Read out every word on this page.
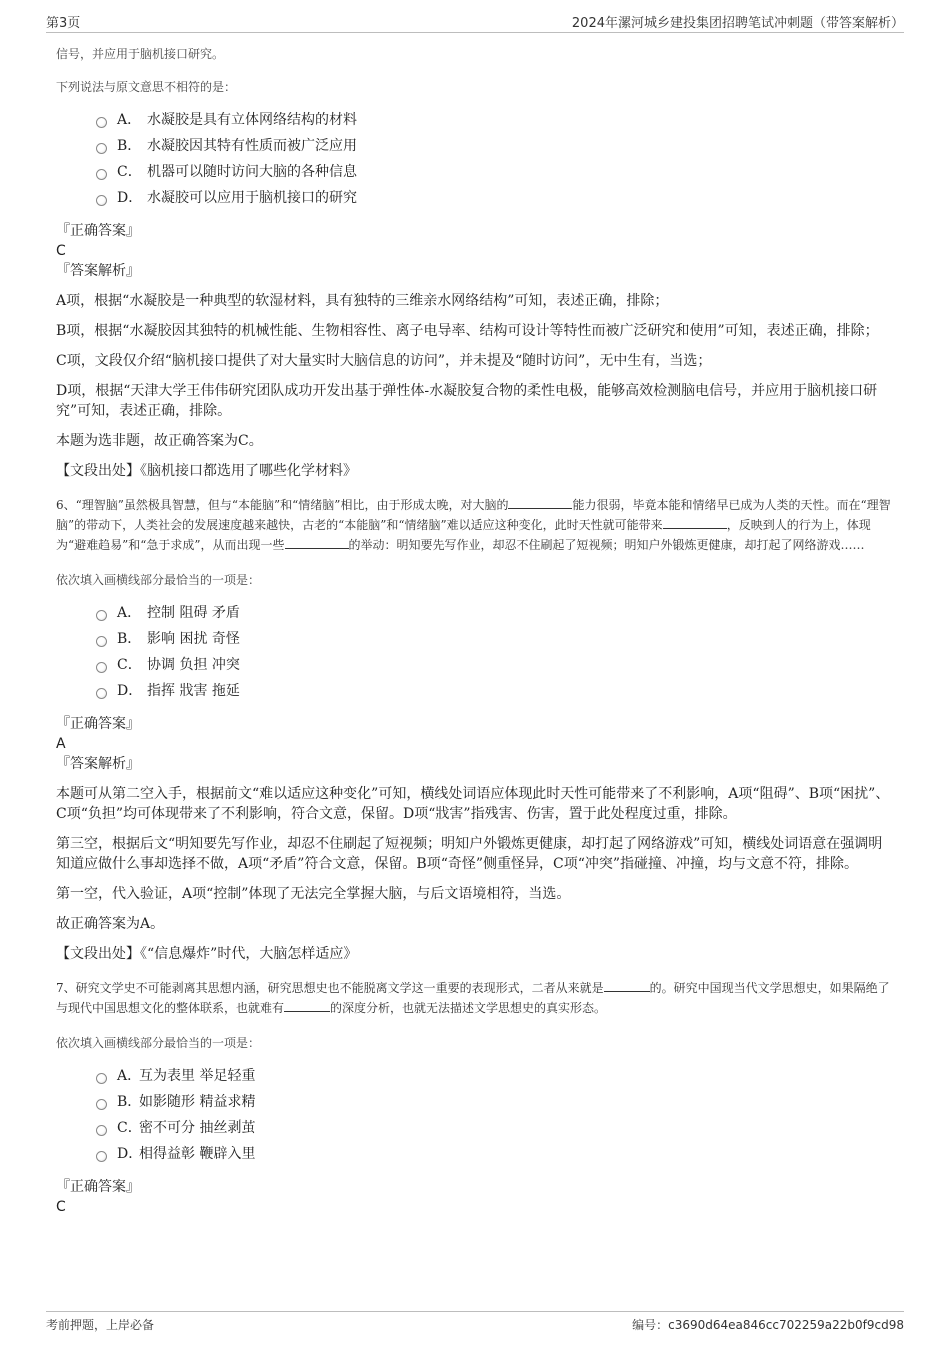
第3页	2024年漯河城乡建投集团招聘笔试冲刺题（带答案解析）

信号，并应用于脑机接口研究。

下列说法与原文意思不相符的是：

A． 水凝胶是具有立体网络结构的材料
B． 水凝胶因其特有性质而被广泛应用
C． 机器可以随时访问大脑的各种信息
D． 水凝胶可以应用于脑机接口的研究

『正确答案』

C

『答案解析』

A项，根据“水凝胶是一种典型的软湿材料，具有独特的三维亲水网络结构”可知，表述正确，排除；

B项，根据“水凝胶因其独特的机械性能、生物相容性、离子电导率、结构可设计等特性而被广泛研究和使用”可知，表述正确，排除；

C项，文段仅介绍“脑机接口提供了对大量实时大脑信息的访问”，并未提及“随时访问”，无中生有，当选；

D项，根据“天津大学王伟伟研究团队成功开发出基于弹性体-水凝胶复合物的柔性电极，能够高效检测脑电信号，并应用于脑机接口研究”可知，表述正确，排除。

本题为选非题，故正确答案为C。

【文段出处】《脑机接口都选用了哪些化学材料》

6、“理智脑”虽然极具智慧，但与“本能脑”和“情绪脑”相比，由于形成太晚，对大脑的	能力很弱，毕竟本能和情绪早已成为人类的天性。而在“理智脑”的带动下，人类社会的发展速度越来越快，古老的“本能脑”和“情绪脑”难以适应这种变化，此时天性就可能带来	，反映到人的行为上，体现为“避难趋易”和“急于求成”，从而出现一些	的举动：明知要先写作业，却忍不住刷起了短视频；明知户外锻炼更健康，却打起了网络游戏……

依次填入画横线部分最恰当的一项是：

A． 控制 阻碍 矛盾
B． 影响 困扰 奇怪
C． 协调 负担 冲突
D． 指挥 戕害 拖延

『正确答案』

A

『答案解析』

本题可从第二空入手，根据前文“难以适应这种变化”可知，横线处词语应体现此时天性可能带来了不利影响，A项“阻碍”、B项“困扰”、C项“负担”均可体现带来了不利影响，符合文意，保留。D项“戕害”指残害、伤害，置于此处程度过重，排除。

第三空，根据后文“明知要先写作业，却忍不住刷起了短视频；明知户外锻炼更健康，却打起了网络游戏”可知，横线处词语意在强调明知道应做什么事却选择不做，A项“矛盾”符合文意，保留。B项“奇怪”侧重怪异，C项“冲突”指碰撞、冲撞，均与文意不符，排除。

第一空，代入验证，A项“控制”体现了无法完全掌握大脑，与后文语境相符，当选。

故正确答案为A。

【文段出处】《“信息爆炸”时代，大脑怎样适应》

7、研究文学史不可能剥离其思想内涵，研究思想史也不能脱离文学这一重要的表现形式，二者从来就是	的。研究中国现当代文学思想史，如果隔绝了与现代中国思想文化的整体联系，也就难有	的深度分析，也就无法描述文学思想史的真实形态。

依次填入画横线部分最恰当的一项是：

A．
互为表里 举足轻重
B．
如影随形 精益求精
C．
密不可分 抽丝剥茧
D．
相得益彰 鞭辟入里

『正确答案』

C

考前押题，上岸必备	编号：c3690d64ea846cc702259a22b0f9cd98
